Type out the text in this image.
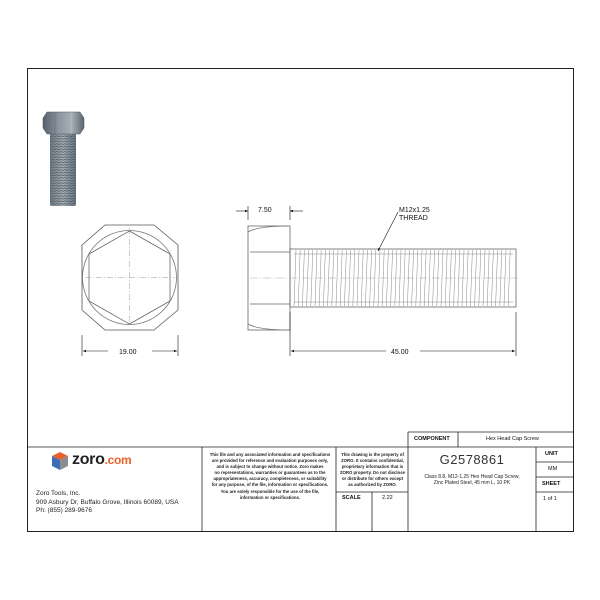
7.50	M12x1.25
THREAD
19.00	45.00
zoro.com
Zoro Tools, Inc.
909 Asbury Dr, Buffalo Grove, Illinois 60089, USA
Ph: (855) 289-9676
This file and any associated information and specifications
are provided for reference and evaluation purposes only,
and is subject to change without notice. Zoro makes
no representations, warranties or guarantees as to the
appropriateness, accuracy, completeness, or suitability
for any purpose, of the file, information or specifications.
You are solely responsible for the use of the file,
information or specifications.
This drawing is the property of
ZORO. It contains confidential,
proprietary information that is
ZORO property. Do not disclose
or distribute for others except
as authorized by ZORO.
COMPONENT	Hex Head Cap Screw
G2578861
Class 8.8, M12-1.25 Hex Head Cap Screw,
Zinc Plated Steel, 45 mm L, 10 PK
UNIT
MM
SHEET
1 of 1
SCALE	2.22
